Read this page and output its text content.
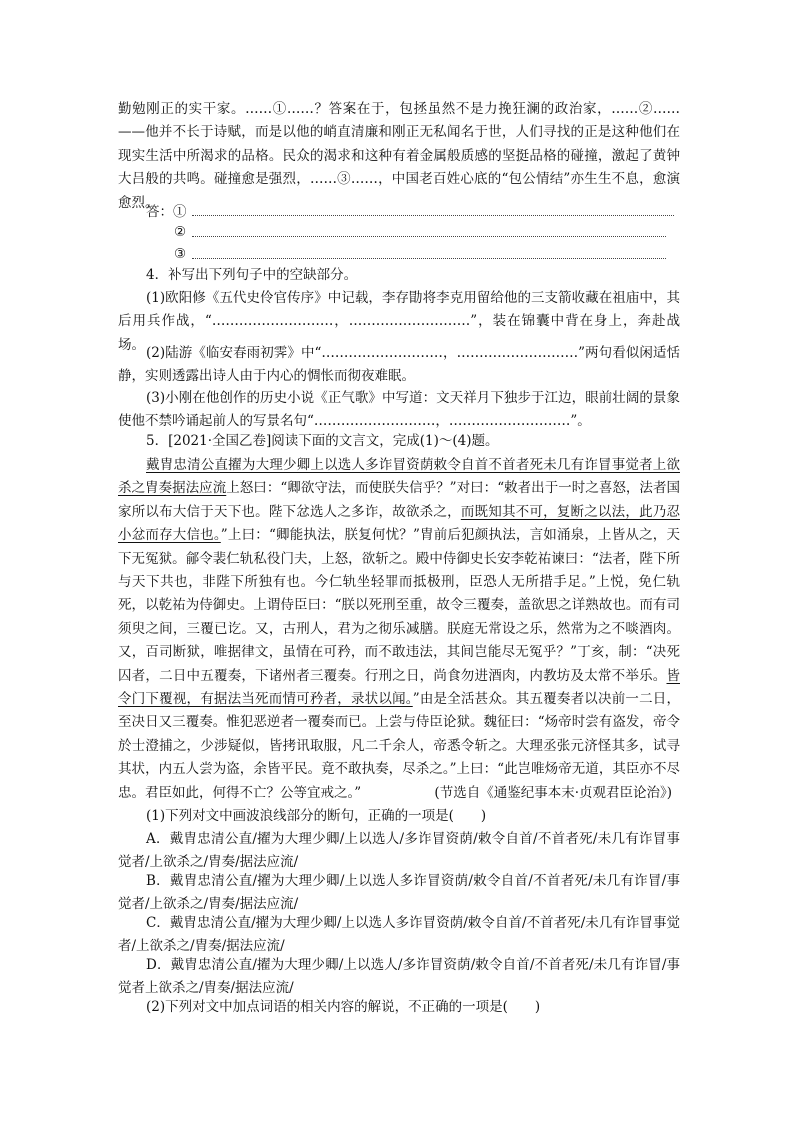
勤勉刚正的实干家。……①……？答案在于，包拯虽然不是力挽狂澜的政治家，……②……——他并不长于诗赋，而是以他的峭直清廉和刚正无私闻名于世，人们寻找的正是这种他们在现实生活中所渴求的品格。民众的渴求和这种有着金属般质感的坚挺品格的碰撞，激起了黄钟大吕般的共鸣。碰撞愈是强烈，……③……，中国老百姓心底的“包公情结”亦生生不息，愈演愈烈。

答：①
②
③

4．补写出下列句子中的空缺部分。

(1)欧阳修《五代史伶官传序》中记载，李存勖将李克用留给他的三支箭收藏在祖庙中，其后用兵作战，“………………………，………………………”，装在锦囊中背在身上，奔赴战场。

(2)陆游《临安春雨初霁》中“………………………，………………………”两句看似闲适恬静，实则透露出诗人由于内心的惆怅而彻夜难眠。

(3)小刚在他创作的历史小说《正气歌》中写道：文天祥月下独步于江边，眼前壮阔的景象使他不禁吟诵起前人的写景名句“………………………，………………………”。

5．[2021·全国乙卷]阅读下面的文言文，完成(1)～(4)题。

戴胄忠清公直擢为大理少卿上以选人多诈冒资荫敕令自首不首者死未几有诈冒事觉者上欲杀之胄奏据法应流上怒曰：“卿欲守法，而使朕失信乎？”对曰：“敕者出于一时之喜怒，法者国家所以布大信于天下也。陛下忿选人之多诈，故欲杀之，而既知其不可，复断之以法，此乃忍小忿而存大信也。”上曰：“卿能执法，朕复何忧？”胄前后犯颜执法，言如涌泉，上皆从之，天下无冤狱。鄃令裴仁轨私役门夫，上怒，欲斩之。殿中侍御史长安李乾祐谏曰：“法者，陛下所与天下共也，非陛下所独有也。今仁轨坐轻罪而抵极刑，臣恐人无所措手足。”上悦，免仁轨死，以乾祐为侍御史。上谓侍臣曰：“朕以死刑至重，故令三覆奏，盖欲思之详熟故也。而有司须臾之间，三覆已讫。又，古刑人，君为之彻乐减膳。朕庭无常设之乐，然常为之不啖酒肉。又，百司断狱，唯据律文，虽情在可矜，而不敢违法，其间岂能尽无冤乎？”丁亥，制：“决死囚者，二日中五覆奏，下诸州者三覆奏。行刑之日，尚食勿进酒肉，内教坊及太常不举乐。皆令门下覆视，有据法当死而情可矜者，录状以闻。”由是全活甚众。其五覆奏者以决前一二日，至决日又三覆奏。惟犯恶逆者一覆奏而已。上尝与侍臣论狱。魏征曰：“炀帝时尝有盗发，帝令於士澄捕之，少涉疑似，皆拷讯取服，凡二千余人，帝悉令斩之。大理丞张元济怪其多，试寻其状，内五人尝为盗，余皆平民。竟不敢执奏，尽杀之。”上曰：“此岂唯炀帝无道，其臣亦不尽忠。君臣如此，何得不亡？公等宜戒之。”	(节选自《通鉴纪事本末·贞观君臣论治》)

(1)下列对文中画波浪线部分的断句，正确的一项是(　　)

A．戴胄忠清公直/擢为大理少卿/上以选人/多诈冒资荫/敕令自首/不首者死/未几有诈冒事觉者/上欲杀之/胄奏/据法应流/

B．戴胄忠清公直/擢为大理少卿/上以选人多诈冒资荫/敕令自首/不首者死/未几有诈冒/事觉者/上欲杀之/胄奏/据法应流/

C．戴胄忠清公直/擢为大理少卿/上以选人多诈冒资荫/敕令自首/不首者死/未几有诈冒事觉者/上欲杀之/胄奏/据法应流/

D．戴胄忠清公直/擢为大理少卿/上以选人/多诈冒资荫/敕令自首/不首者死/未几有诈冒/事觉者上欲杀之/胄奏/据法应流/

(2)下列对文中加点词语的相关内容的解说，不正确的一项是(　　)
